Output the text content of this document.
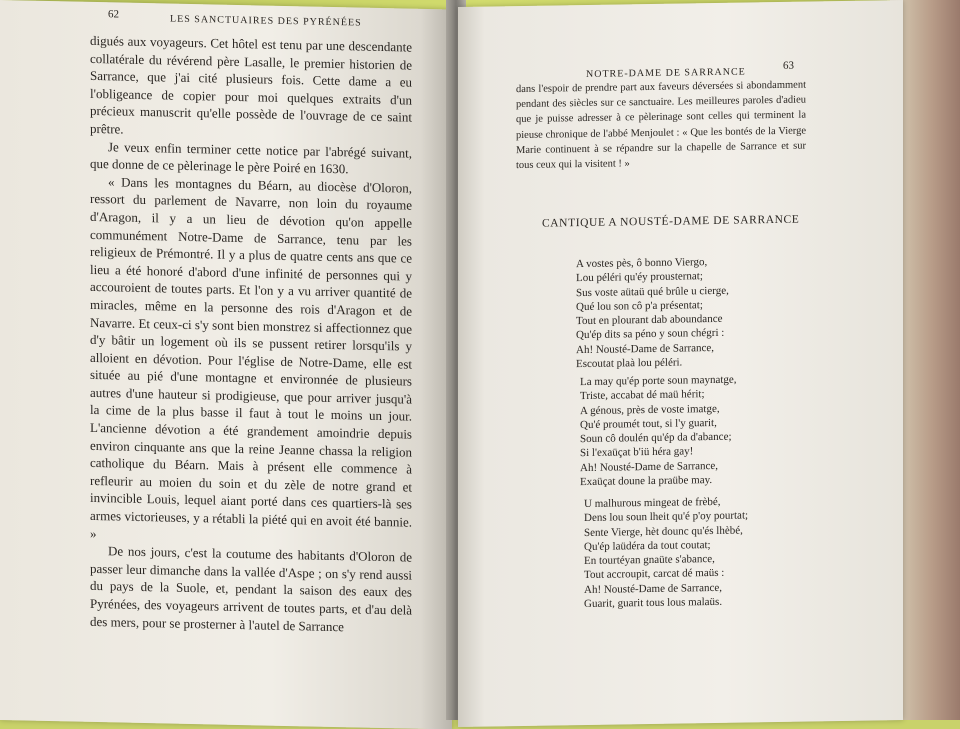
62	LES SANCTUAIRES DES PYRÉNÉES

digués aux voyageurs. Cet hôtel est tenu par une descendante collatérale du révérend père Lasalle, le premier historien de Sarrance, que j'ai cité plusieurs fois. Cette dame a eu l'obligeance de copier pour moi quelques extraits d'un précieux manuscrit qu'elle possède de l'ouvrage de ce saint prêtre.

Je veux enfin terminer cette notice par l'abrégé suivant, que donne de ce pèlerinage le père Poiré en 1630.

« Dans les montagnes du Béarn, au diocèse d'Oloron, ressort du parlement de Navarre, non loin du royaume d'Aragon, il y a un lieu de dévotion qu'on appelle communément Notre-Dame de Sarrance, tenu par les religieux de Prémontré. Il y a plus de quatre cents ans que ce lieu a été honoré d'abord d'une infinité de personnes qui y accouroient de toutes parts. Et l'on y a vu arriver quantité de miracles, même en la personne des rois d'Aragon et de Navarre. Et ceux-ci s'y sont bien monstrez si affectionnez que d'y bâtir un logement où ils se pussent retirer lorsqu'ils y alloient en dévotion. Pour l'église de Notre-Dame, elle est située au pié d'une montagne et environnée de plusieurs autres d'une hauteur si prodigieuse, que pour arriver jusqu'à la cime de la plus basse il faut à tout le moins un jour. L'ancienne dévotion a été grandement amoindrie depuis environ cinquante ans que la reine Jeanne chassa la religion catholique du Béarn. Mais à présent elle commence à refleurir au moien du soin et du zèle de notre grand et invincible Louis, lequel aiant porté dans ces quartiers-là ses armes victorieuses, y a rétabli la piété qui en avoit été bannie. »

De nos jours, c'est la coutume des habitants d'Oloron de passer leur dimanche dans la vallée d'Aspe ; on s'y rend aussi du pays de la Suole, et, pendant la saison des eaux des Pyrénées, des voyageurs arrivent de toutes parts, et d'au delà des mers, pour se prosterner à l'autel de Sarrance

NOTRE-DAME DE SARRANCE
63

dans l'espoir de prendre part aux faveurs déversées si abondamment pendant des siècles sur ce sanctuaire. Les meilleures paroles d'adieu que je puisse adresser à ce pèlerinage sont celles qui terminent la pieuse chronique de l'abbé Menjoulet : « Que les bontés de la Vierge Marie continuent à se répandre sur la chapelle de Sarrance et sur tous ceux qui la visitent ! »

CANTIQUE A NOUSTÉ-DAME DE SARRANCE
A vostes pès, ô bonno Viergo,
Lou péléri qu'éy prousternat;
Sus voste aütaü qué brûle u cierge,
Qué lou son cô p'a présentat;
Tout en plourant dab aboundance
Qu'ép dits sa péno y soun chégri :
Ah! Nousté-Dame de Sarrance,
Escoutat plaà lou péléri.
La may qu'ép porte soun maynatge,
Triste, accabat dé maü hérit;
A génous, près de voste imatge,
Qu'é proumét tout, si l'y guarit,
Soun cô doulén qu'ép da d'abance;
Si l'exaüçat b'iü héra gay!
Ah! Nousté-Dame de Sarrance,
Exaüçat doune la praübe may.
U malhurous mingeat de frèbé,
Dens lou soun lheit qu'é p'oy pourtat;
Sente Vierge, hèt dounc qu'és lhèbé,
Qu'ép laüdéra da tout coutat;
En tourtéyan gnaüte s'abance,
Tout accroupit, carcat dé maüs :
Ah! Nousté-Dame de Sarrance,
Guarit, guarit tous lous malaüs.
